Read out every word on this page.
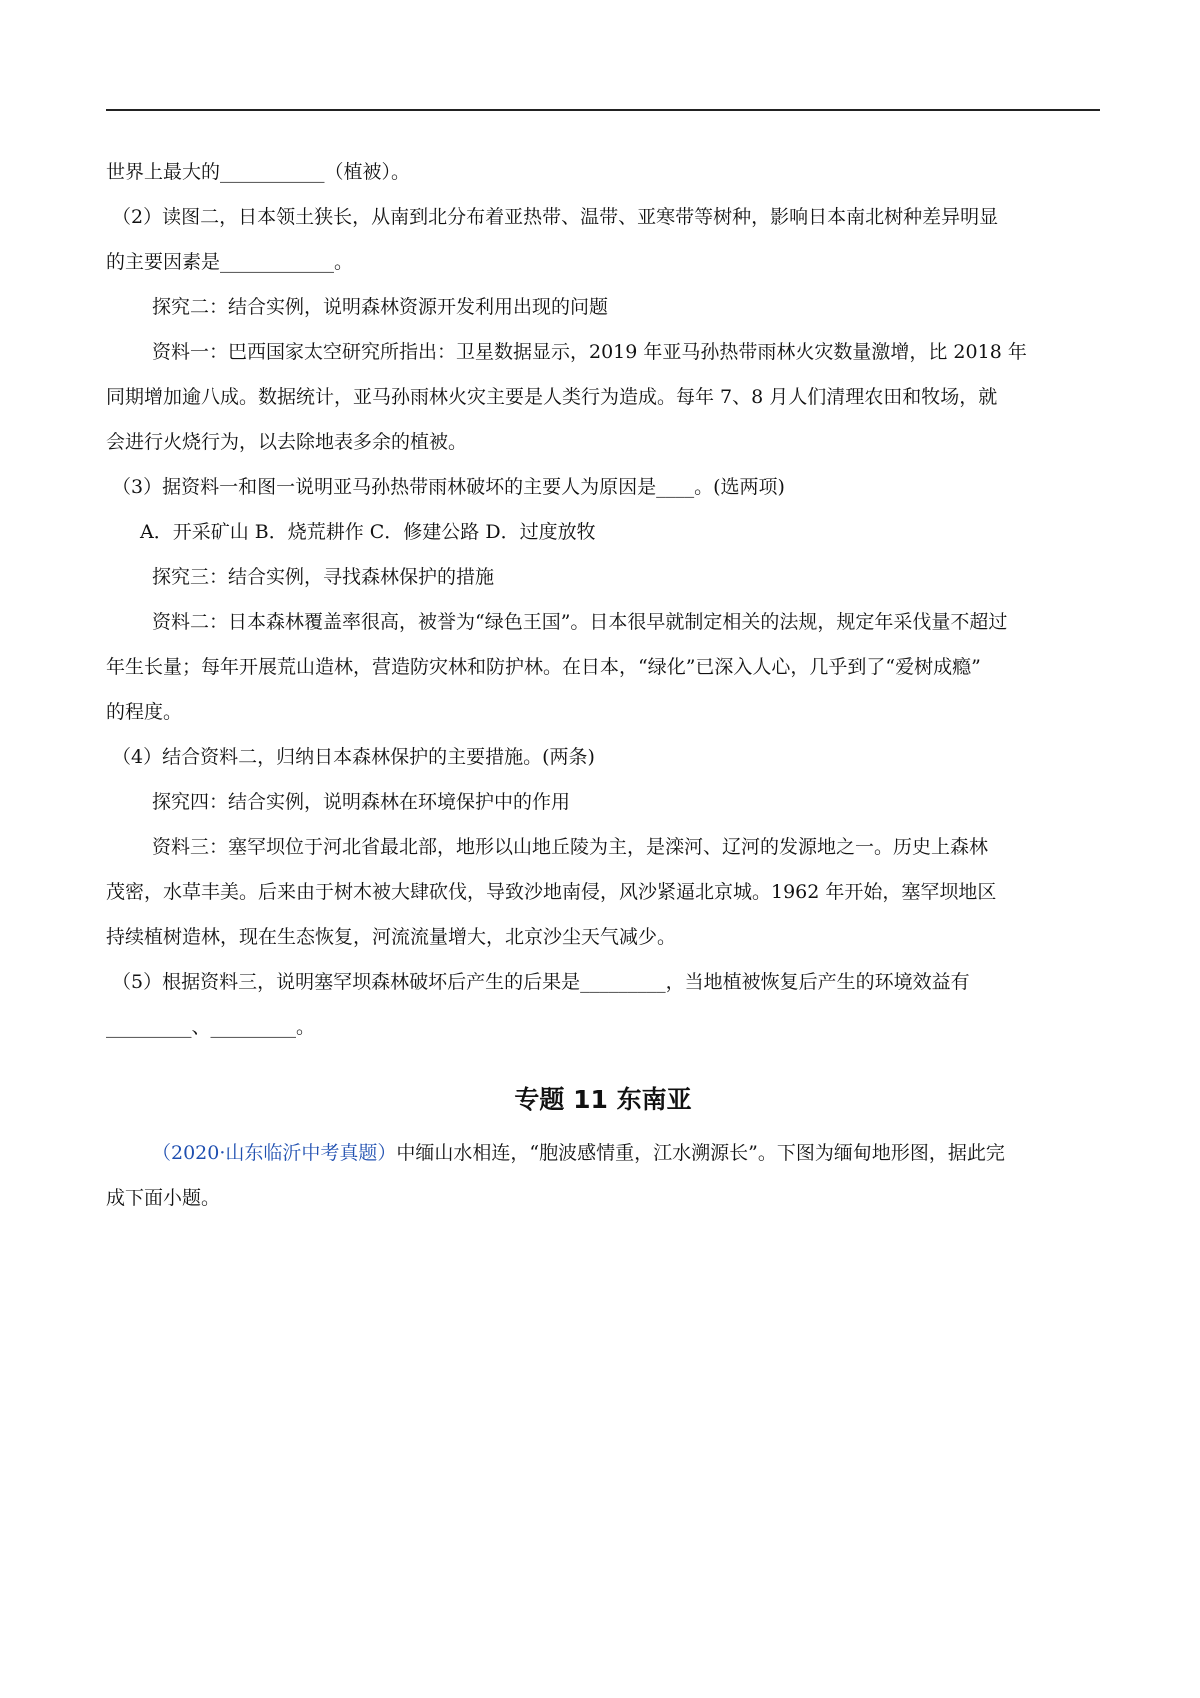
世界上最大的___________（植被）。
（2）读图二，日本领土狭长，从南到北分布着亚热带、温带、亚寒带等树种，影响日本南北树种差异明显
的主要因素是____________。
探究二：结合实例，说明森林资源开发利用出现的问题
资料一：巴西国家太空研究所指出：卫星数据显示，2019 年亚马孙热带雨林火灾数量激增，比 2018 年
同期增加逾八成。数据统计，亚马孙雨林火灾主要是人类行为造成。每年 7、8 月人们清理农田和牧场，就
会进行火烧行为，以去除地表多余的植被。
（3）据资料一和图一说明亚马孙热带雨林破坏的主要人为原因是____。(选两项)
A．开采矿山 B．烧荒耕作 C．修建公路 D．过度放牧
探究三：结合实例，寻找森林保护的措施
资料二：日本森林覆盖率很高，被誉为“绿色王国”。日本很早就制定相关的法规，规定年采伐量不超过
年生长量；每年开展荒山造林，营造防灾林和防护林。在日本，“绿化”已深入人心，几乎到了“爱树成瘾”
的程度。
（4）结合资料二，归纳日本森林保护的主要措施。(两条)
探究四：结合实例，说明森林在环境保护中的作用
资料三：塞罕坝位于河北省最北部，地形以山地丘陵为主，是滦河、辽河的发源地之一。历史上森林
茂密，水草丰美。后来由于树木被大肆砍伐，导致沙地南侵，风沙紧逼北京城。1962 年开始，塞罕坝地区
持续植树造林，现在生态恢复，河流流量增大，北京沙尘天气减少。
（5）根据资料三，说明塞罕坝森林破坏后产生的后果是_________，当地植被恢复后产生的环境效益有
_________、_________。
专题 11 东南亚
（2020·山东临沂中考真题）中缅山水相连，“胞波感情重，江水溯源长”。下图为缅甸地形图，据此完
成下面小题。
